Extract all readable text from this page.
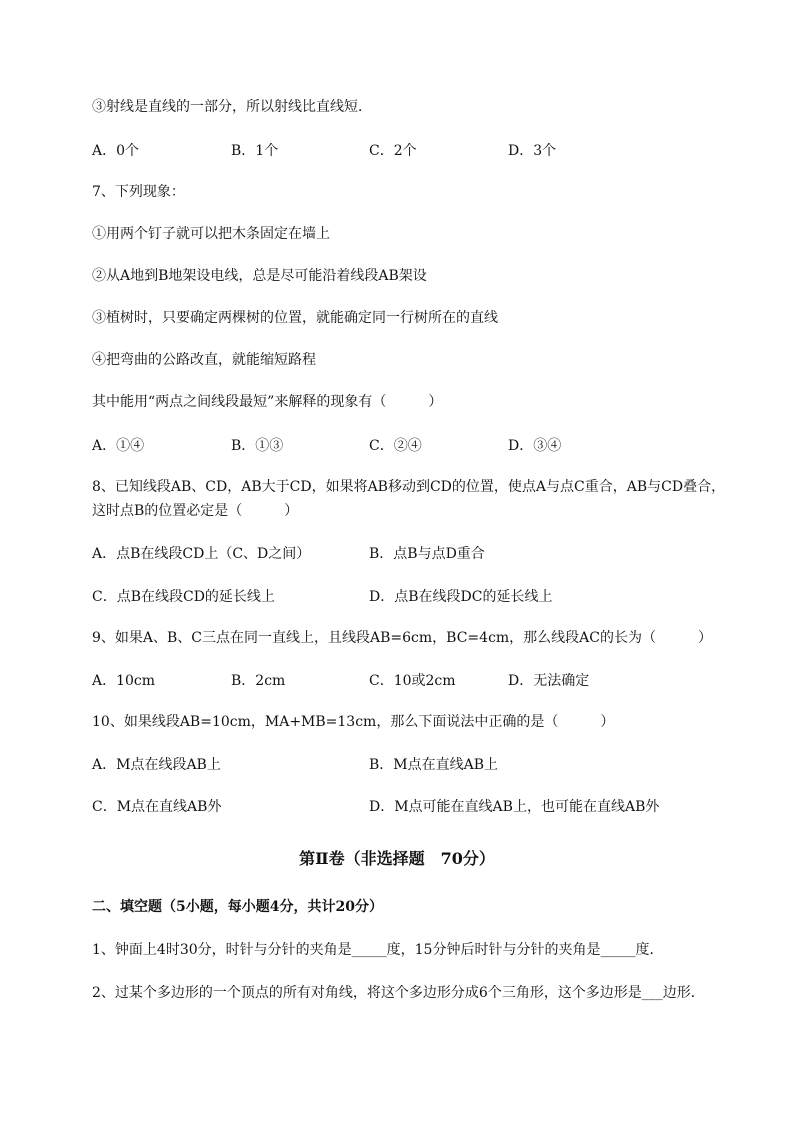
③射线是直线的一部分，所以射线比直线短．
A．0个	B．1个	C．2个	D．3个
7、下列现象：
①用两个钉子就可以把木条固定在墙上
②从A地到B地架设电线，总是尽可能沿着线段AB架设
③植树时，只要确定两棵树的位置，就能确定同一行树所在的直线
④把弯曲的公路改直，就能缩短路程
其中能用“两点之间线段最短”来解释的现象有（　　　）
A．①④	B．①③	C．②④	D．③④
8、已知线段AB、CD，AB大于CD，如果将AB移动到CD的位置，使点A与点C重合，AB与CD叠合，
这时点B的位置必定是（　　　）
A．点B在线段CD上（C、D之间）	B．点B与点D重合
C．点B在线段CD的延长线上	D．点B在线段DC的延长线上
9、如果A、B、C三点在同一直线上，且线段AB=6cm，BC=4cm，那么线段AC的长为（　　　）
A．10cm	B．2cm	C．10或2cm	D．无法确定
10、如果线段AB=10cm，MA+MB=13cm，那么下面说法中正确的是（　　　）
A．M点在线段AB上	B．M点在直线AB上
C．M点在直线AB外	D．M点可能在直线AB上，也可能在直线AB外
第Ⅱ卷（非选择题　70分）
二、填空题（5小题，每小题4分，共计20分）
1、钟面上4时30分，时针与分针的夹角是_____度，15分钟后时针与分针的夹角是_____度．
2、过某个多边形的一个顶点的所有对角线，将这个多边形分成6个三角形，这个多边形是___边形．
